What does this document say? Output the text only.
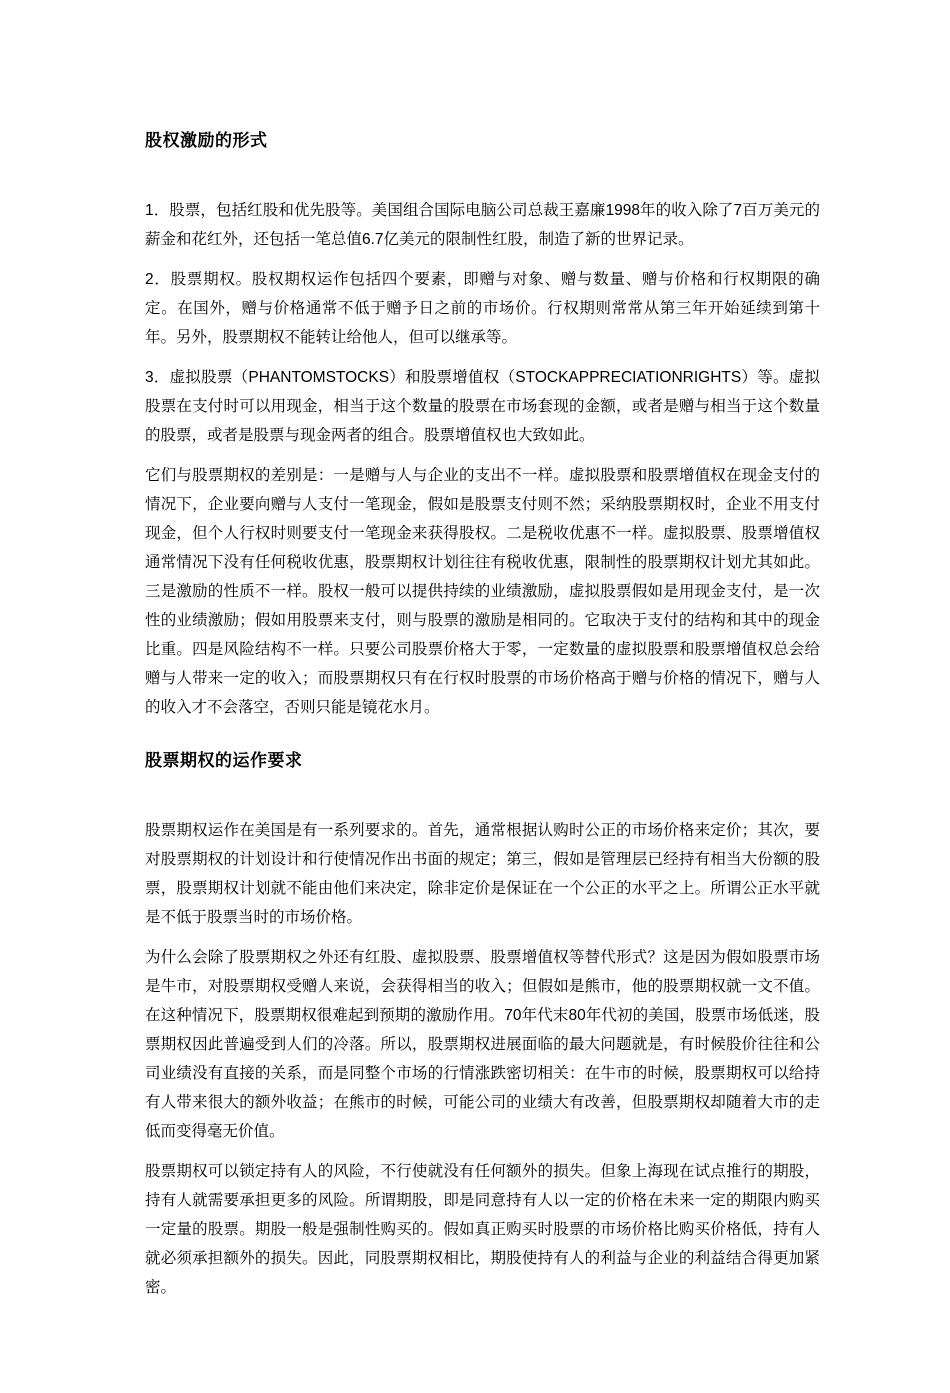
股权激励的形式

1．股票，包括红股和优先股等。美国组合国际电脑公司总裁王嘉廉1998年的收入除了7百万美元的薪金和花红外，还包括一笔总值6.7亿美元的限制性红股，制造了新的世界记录。

2．股票期权。股权期权运作包括四个要素，即赠与对象、赠与数量、赠与价格和行权期限的确定。在国外，赠与价格通常不低于赠予日之前的市场价。行权期则常常从第三年开始延续到第十年。另外，股票期权不能转让给他人，但可以继承等。

3．虚拟股票（PHANTOMSTOCKS）和股票增值权（STOCKAPPRECIATIONRIGHTS）等。虚拟股票在支付时可以用现金，相当于这个数量的股票在市场套现的金额，或者是赠与相当于这个数量的股票，或者是股票与现金两者的组合。股票增值权也大致如此。

它们与股票期权的差别是：一是赠与人与企业的支出不一样。虚拟股票和股票增值权在现金支付的情况下，企业要向赠与人支付一笔现金，假如是股票支付则不然；采纳股票期权时，企业不用支付现金，但个人行权时则要支付一笔现金来获得股权。二是税收优惠不一样。虚拟股票、股票增值权通常情况下没有任何税收优惠，股票期权计划往往有税收优惠，限制性的股票期权计划尤其如此。三是激励的性质不一样。股权一般可以提供持续的业绩激励，虚拟股票假如是用现金支付，是一次性的业绩激励；假如用股票来支付，则与股票的激励是相同的。它取决于支付的结构和其中的现金比重。四是风险结构不一样。只要公司股票价格大于零，一定数量的虚拟股票和股票增值权总会给赠与人带来一定的收入；而股票期权只有在行权时股票的市场价格高于赠与价格的情况下，赠与人的收入才不会落空，否则只能是镜花水月。

股票期权的运作要求

股票期权运作在美国是有一系列要求的。首先，通常根据认购时公正的市场价格来定价；其次，要对股票期权的计划设计和行使情况作出书面的规定；第三，假如是管理层已经持有相当大份额的股票，股票期权计划就不能由他们来决定，除非定价是保证在一个公正的水平之上。所谓公正水平就是不低于股票当时的市场价格。

为什么会除了股票期权之外还有红股、虚拟股票、股票增值权等替代形式？这是因为假如股票市场是牛市，对股票期权受赠人来说，会获得相当的收入；但假如是熊市，他的股票期权就一文不值。在这种情况下，股票期权很难起到预期的激励作用。70年代末80年代初的美国，股票市场低迷，股票期权因此普遍受到人们的冷落。所以，股票期权进展面临的最大问题就是，有时候股价往往和公司业绩没有直接的关系，而是同整个市场的行情涨跌密切相关：在牛市的时候，股票期权可以给持有人带来很大的额外收益；在熊市的时候，可能公司的业绩大有改善，但股票期权却随着大市的走低而变得毫无价值。

股票期权可以锁定持有人的风险，不行使就没有任何额外的损失。但象上海现在试点推行的期股，持有人就需要承担更多的风险。所谓期股，即是同意持有人以一定的价格在未来一定的期限内购买一定量的股票。期股一般是强制性购买的。假如真正购买时股票的市场价格比购买价格低，持有人就必须承担额外的损失。因此，同股票期权相比，期股使持有人的利益与企业的利益结合得更加紧密。
